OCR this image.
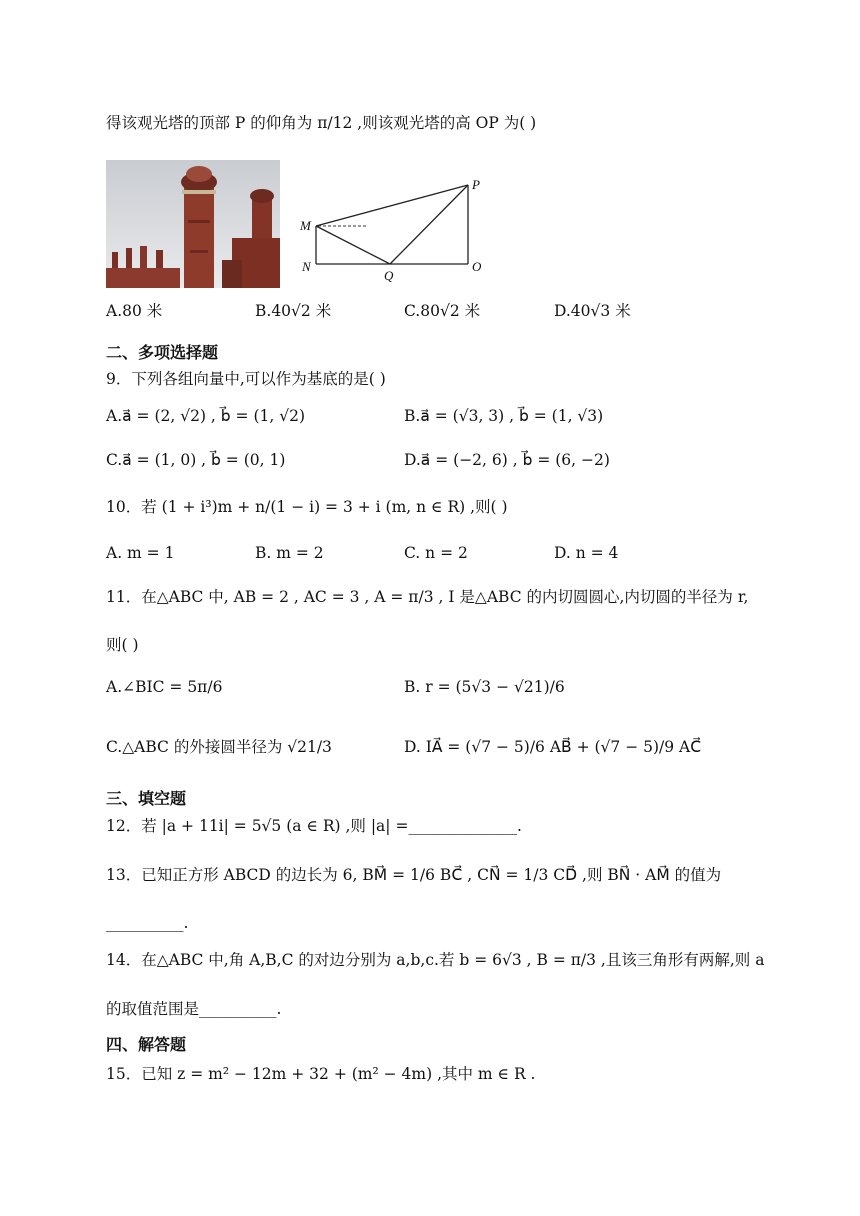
得该观光塔的顶部 P 的仰角为 π/12 ,则该观光塔的高 OP 为( )
M
N
Q
O
P
A.80 米	B.40√2 米	C.80√2 米	D.40√3 米
二、多项选择题
9．下列各组向量中,可以作为基底的是( )
A.a⃗ = (2, √2) , b⃗ = (1, √2)	B.a⃗ = (√3, 3) , b⃗ = (1, √3)
C.a⃗ = (1, 0) , b⃗ = (0, 1)	D.a⃗ = (−2, 6) , b⃗ = (6, −2)
10．若 (1 + i³)m + n/(1 − i) = 3 + i (m, n ∈ R) ,则( )
A. m = 1	B. m = 2	C. n = 2	D. n = 4
11．在△ABC 中, AB = 2 , AC = 3 , A = π/3 , I 是△ABC 的内切圆圆心,内切圆的半径为 r,
则( )
A.∠BIC = 5π/6	B. r = (5√3 − √21)/6
C.△ABC 的外接圆半径为 √21/3	D. IA⃗ = (√7 − 5)/6 AB⃗ + (√7 − 5)/9 AC⃗
三、填空题
12．若 |a + 11i| = 5√5 (a ∈ R) ,则 |a| =______________.
13．已知正方形 ABCD 的边长为 6, BM⃗ = 1/6 BC⃗ , CN⃗ = 1/3 CD⃗ ,则 BN⃗ · AM⃗ 的值为
__________.
14．在△ABC 中,角 A,B,C 的对边分别为 a,b,c.若 b = 6√3 , B = π/3 ,且该三角形有两解,则 a
的取值范围是__________.
四、解答题
15．已知 z = m² − 12m + 32 + (m² − 4m) ,其中 m ∈ R .
